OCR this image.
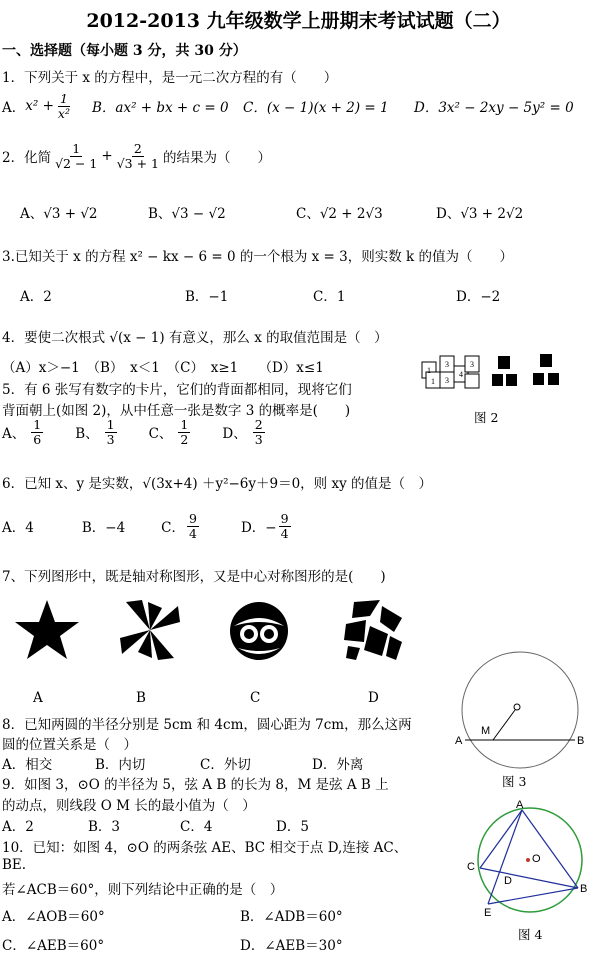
2012-2013 九年级数学上册期末考试试题（二）
一、选择题（每小题 3 分，共 30 分）
1．下列关于 x 的方程中，是一元二次方程的有（　　）
A． $x^2 + \frac{1}{\text{x²}}$ B．ax² + bx + c = 0 C．(x − 1)(x + 2) = 1 D．3x² − 2xy − 5y² = 0
2．化简 $\frac{1}{√2 - 1} + \frac{2}{√3 + 1}$ 的结果为（　　）
A、√3 + √2	B、√3 − √2	C、√2 + 2√3	D、√3 + 2√2
3.已知关于 x 的方程 x² − kx − 6 = 0 的一个根为 x = 3，则实数 k 的值为（　　）
A．2	B．−1	C．1	D．−2
4．要使二次根式 √(x − 1) 有意义，那么 x 的取值范围是（　）
（A）x＞−1　（B）　x＜1　（C）　x≥1　　（D）x≤1
5．有 6 张写有数字的卡片，它们的背面都相同，现将它们
背面朝上(如图 2)，从中任意一张是数字 3 的概率是(　　)
A、 $\frac{1}{6}$ B、 $\frac{1}{3}$ C、 $\frac{1}{2}$ D、 $\frac{2}{3}$
1
3
3
1
4
3
图 2
6．已知 x、y 是实数，√(3x+4) ＋y²−6y＋9＝0，则 xy 的值是（　）
A．4	B．−4	C． $\frac{9}{4}$	D．− $\frac{9}{4}$
7、下列图形中，既是轴对称图形，又是中心对称图形的是(　　)
A	B	C	D
8．已知两圆的半径分别是 5cm 和 4cm，圆心距为 7cm，那么这两
圆的位置关系是（　）
A．相交	B．内切	C．外切	D．外离
9．如图 3，⊙O 的半径为 5，弦 A B 的长为 8，M 是弦 A B 上
的动点，则线段 O M 长的最小值为（　）
A．2	B．3	C．4	D．5
A	B
M
图 3
10．已知：如图 4，⊙O 的两条弦 AE、BC 相交于点 D,连接 AC、
BE.
若∠ACB＝60°，则下列结论中正确的是（　）
A．∠AOB＝60°	B．∠ADB＝60°
C．∠AEB＝60°	D．∠AEB＝30°
A
B
C
D
E
O
图 4
